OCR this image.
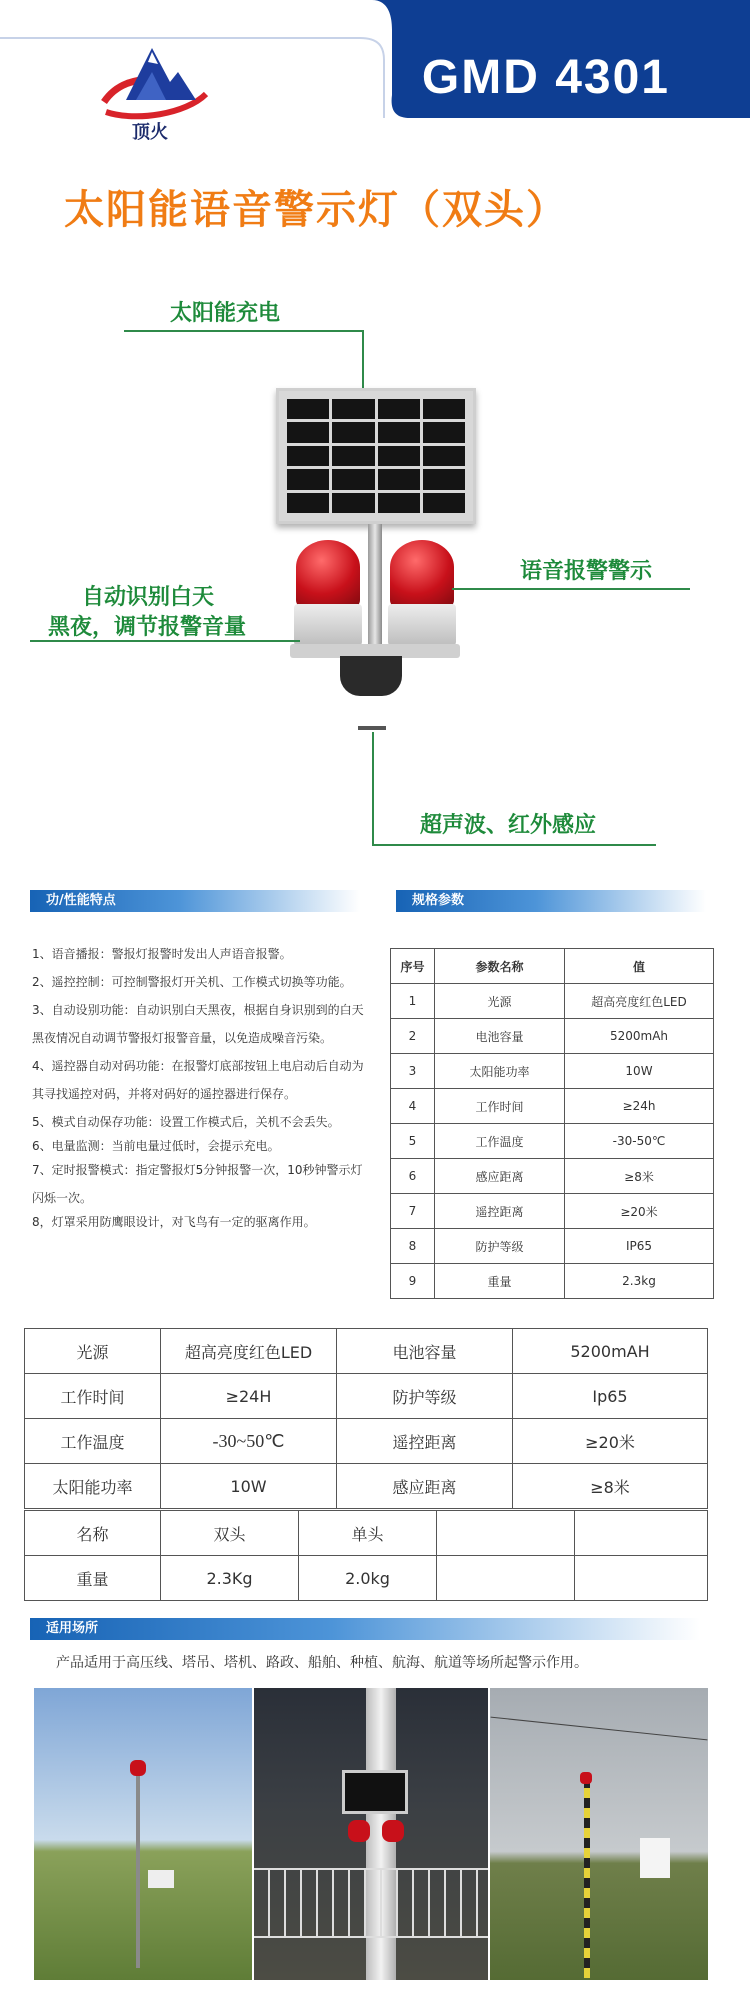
GMD 4301
顶火
太阳能语音警示灯（双头）
太阳能充电
语音报警警示
自动识别白天
黑夜，调节报警音量
超声波、红外感应
功/性能特点	规格参数

1、语音播报：警报灯报警时发出人声语音报警。

2、遥控控制：可控制警报灯开关机、工作模式切换等功能。

3、自动设别功能：自动识别白天黑夜，根据自身识别到的白天黑夜情况自动调节警报灯报警音量，以免造成噪音污染。

4、遥控器自动对码功能：在报警灯底部按钮上电启动后自动为其寻找遥控对码，并将对码好的遥控器进行保存。

5、模式自动保存功能：设置工作模式后，关机不会丢失。

6、电量监测：当前电量过低时，会提示充电。

7、定时报警模式：指定警报灯5分钟报警一次，10秒钟警示灯闪烁一次。

8，灯罩采用防鹰眼设计，对飞鸟有一定的驱离作用。

序号	参数名称	值
1	光源	超高亮度红色LED
2	电池容量	5200mAh
3	太阳能功率	10W
4	工作时间	≥24h
5	工作温度	-30-50℃
6	感应距离	≥8米
7	遥控距离	≥20米
8	防护等级	IP65
9	重量	2.3kg
光源	超高亮度红色LED	电池容量	5200mAH
工作时间	≥24H	防护等级	Ip65
工作温度	-30~50℃	遥控距离	≥20米
太阳能功率	10W	感应距离	≥8米
名称	双头	单头		
重量	2.3Kg	2.0kg		
适用场所
产品适用于高压线、塔吊、塔机、路政、船舶、种植、航海、航道等场所起警示作用。
